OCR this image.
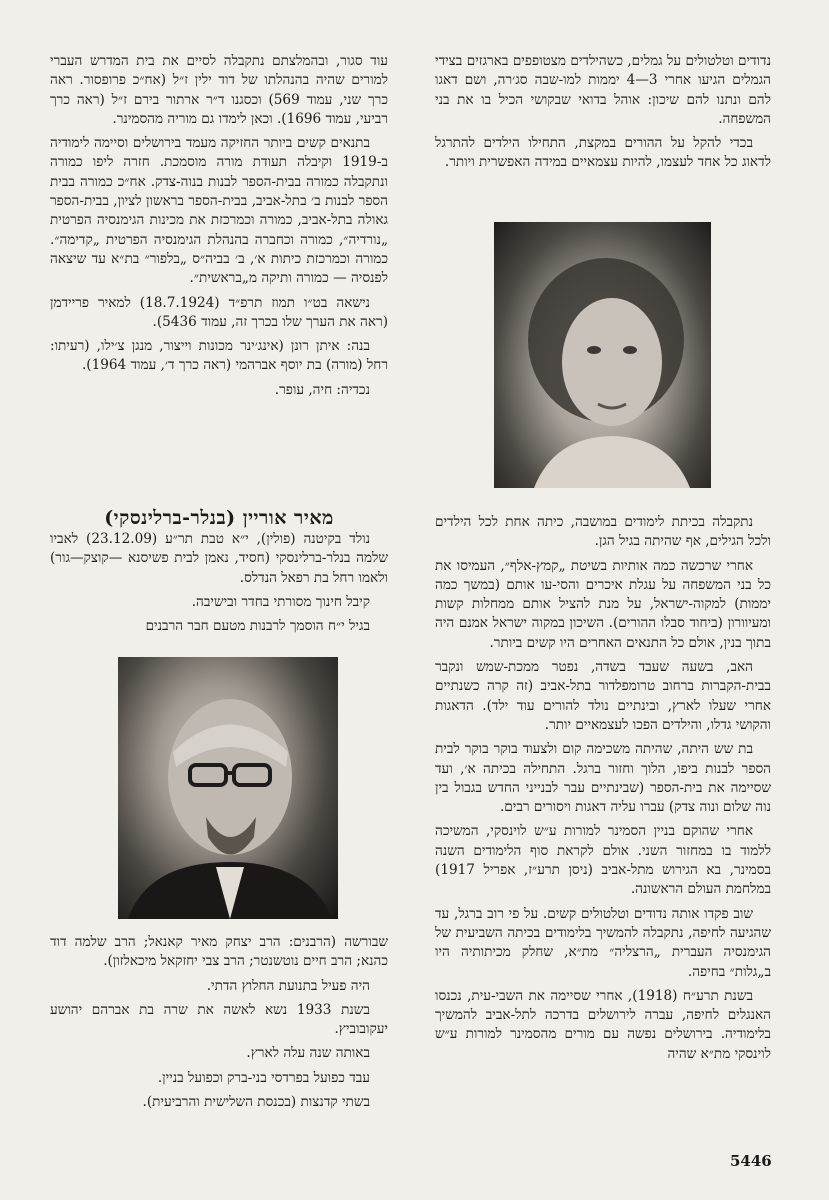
נדודים וטלטולים על גמלים, כשהילדים מצטופפים בארגזים בצידי הגמלים הגיעו אחרי 3—4 יממות למו-שבה סג׳רה, ושם דאגו להם ונתנו להם שיכון: אוהל בדואי שבקושי הכיל בו את בני המשפחה.

בכדי להקל על ההורים במקצת, התחילו הילדים להתרגל לדאוג כל אחד לעצמו, להיות עצמאיים במידה האפשרית ויותר.

נתקבלה בכיתת לימודים במושבה, כיתה אחת לכל הילדים ולכל הגילים, אף שהיתה בגיל הגן.

אחרי שרכשה כמה אותיות בשיטת „קמץ-אלף״, העמיסו את כל בני המשפחה על עגלת איכרים והסי-עו אותם (במשך כמה יממות) למקוה-ישראל, על מנת להציל אותם ממחלות קשות ומעיוורון (ביחוד סבלו ההורים). השיכון במקוה ישראל אמנם היה בתוך בנין, אולם כל התנאים האחרים היו קשים ביותר.

האב, בשעה שעבד בשדה, נפטר ממכת-שמש ונקבר בבית-הקברות ברחוב טרומפלדור בתל-אביב (זה קרה כשנתיים אחרי שעלו לארץ, ובינתיים נולד להורים עוד ילד). הדאגות והקושי גדלו, והילדים הפכו לעצמאיים יותר.

בת שש היתה, שהיתה משכימה קום ולצעוד בוקר בוקר לבית הספר לבנות ביפו, הלוך וחזור ברגל. התחילה בכיתה א׳, ועד שסיימה את בית-הספר (שבינתיים עבר לבנייני החדש בגבול בין נוה שלום ונוה צדק) עברו עליה דאגות ויסורים רבים.

אחרי שהוקם בניין הסמינר למורות ע״ש לוינסקי, המשיכה ללמוד בו במחזור השני. אולם לקראת סוף הלימודים השנה בסמינר, בא הגירוש מתל-אביב (ניסן תרע״ז, אפריל 1917) במלחמת העולם הראשונה.

שוב פקדו אותה נדודים וטלטולים קשים. על פי רוב ברגל, עד שהגיעה לחיפה, נתקבלה להמשיך בלימודים בכיתה השביעית של הגימנסיה העברית „הרצליה״ מת״א, שחלק מכיתותיה היו ב„גלות״ בחיפה.

בשנת תרע״ח (1918), אחרי שסיימה את השבי-עית, נכנסו האנגלים לחיפה, עברה לירושלים בדרכה לתל-אביב להמשיך בלימודיה. בירושלים נפשה עם מורים מהסמינר למורות ע״ש לוינסקי מת״א שהיה

עוד סגור, ובהמלצתם נתקבלה לסיים את בית המדרש העברי למורים שהיה בהנהלתו של דוד ילין ז״ל (אח״כ פרופסור. ראה כרך שני, עמוד 569) וכסגנו ד״ר ארתור בירם ז״ל (ראה כרך רביעי, עמוד 1696). וכאן לימדו גם מוריה מהסמינר.

בתנאים קשים ביותר החזיקה מעמד בירושלים וסיימה לימודיה ב-1919 וקיבלה תעודת מורה מוסמכת. חזרה ליפו כמורה ונתקבלה כמורה בבית-הספר לבנות בנוה-צדק. אח״כ כמורה בבית הספר לבנות ב׳ בתל-אביב, בבית-הספר בראשון לציון, בבית-הספר גאולה בתל-אביב, כמורה וכמרכזת את מכינות הגימנסיה הפרטית „נורדיה״, כמורה וכחברה בהנהלת הגימנסיה הפרטית „קדימה״. כמורה וכמרכזת כיתות א׳, ב׳ בביה״ס „בלפור״ בת״א עד שיצאה לפנסיה — כמורה ותיקה מ„בראשית״.

נישאה בט״ו תמוז תרפ״ד (18.7.1924) למאיר פריידמן (ראה את הערך שלו בכרך זה, עמוד 5436).

בנה: איתן רונן (אינג׳ינר מכונות וייצור, מנגן צ׳ילו, (רעיתו: רחל (מורה) בת יוסף אברהמי (ראה כרך ד׳, עמוד 1964).

נכדיה: חיה, עופר.

מאיר אוריין (בנלר-ברלינסקי)

נולד בקיטנה (פולין), י״א טבת תר״ע (23.12.09) לאביו שלמה בנלר-ברלינסקי (חסיד, נאמן לבית פשיסנא —קוצק—גור) ולאמו רחל בת רפאל הנדלס.

קיבל חינוך מסורתי בחדר ובישיבה.

בגיל י״ח הוסמך לרבנות מטעם חבר הרבנים

שבורשה (הרבנים: הרב יצחק מאיר קאנאל; הרב שלמה דוד כהנא; הרב חיים נוטשנטר; הרב צבי יחזקאל מיכאלזון).

היה פעיל בתנועת החלוץ הדתי.

בשנת 1933 נשא לאשה את שרה בת אברהם יהושע יעקובוביץ.

באותה שנה עלה לארץ.

עבד כפועל בפרדסי בני-ברק וכפועל בניין.

בשתי קדנצות (בכנסת השלישית והרביעית).

5446
